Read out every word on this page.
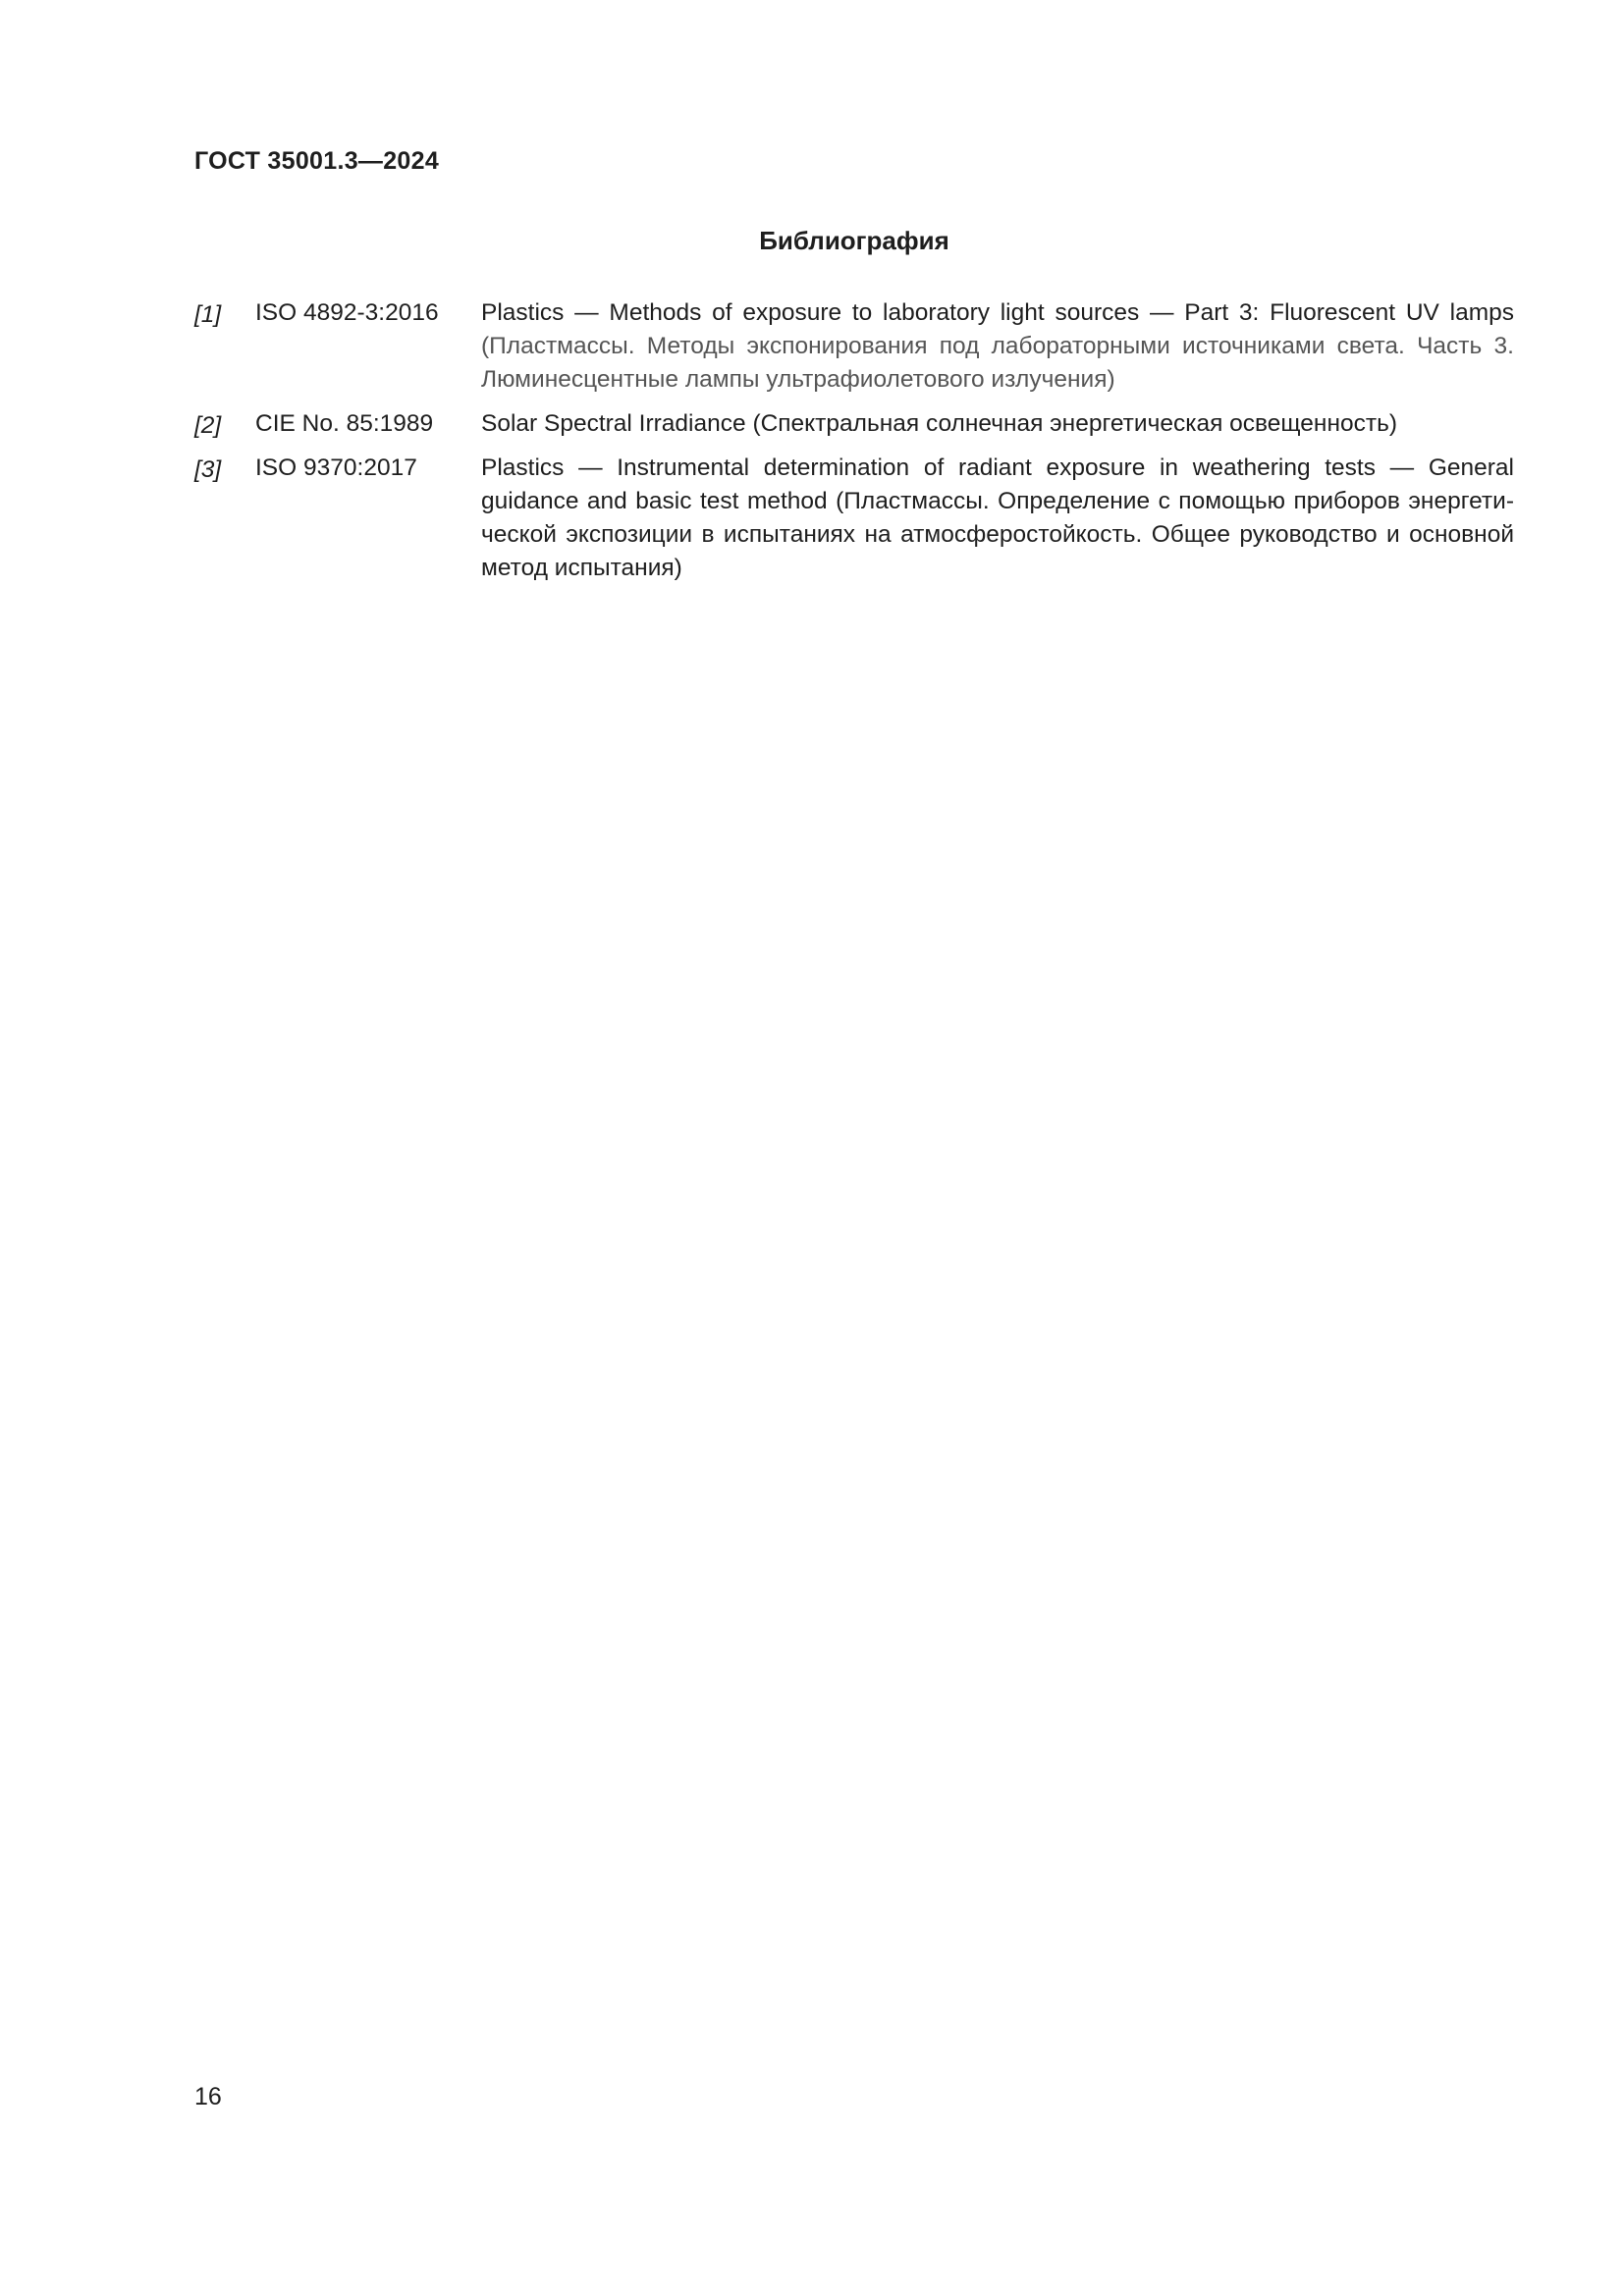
ГОСТ 35001.3—2024
Библиография
[1] ISO 4892-3:2016 Plastics — Methods of exposure to laboratory light sources — Part 3: Fluorescent UV lamps (Пластмассы. Методы экспонирования под лабораторными источниками света. Часть 3. Люминесцентные лампы ультрафиолетового излучения)
[2] CIE No. 85:1989 Solar Spectral Irradiance (Спектральная солнечная энергетическая освещенность)
[3] ISO 9370:2017	Plastics — Instrumental determination of radiant exposure in weathering tests — General guidance and basic test method (Пластмассы. Определение с помощью приборов энергетической экспозиции в испытаниях на атмосферостойкость. Общее руководство и основной метод испытания)
16
